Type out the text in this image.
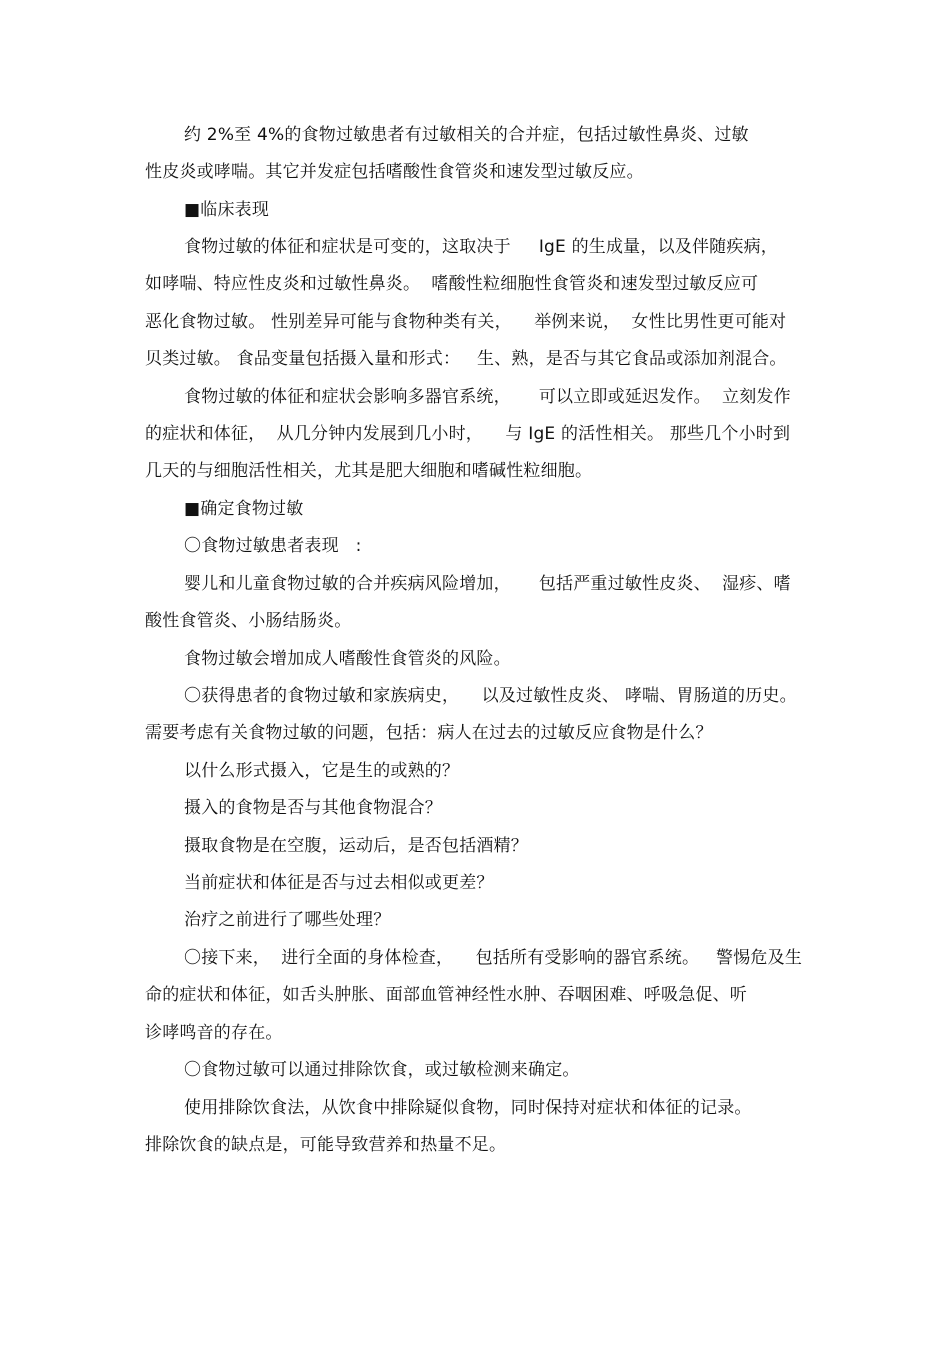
约 2%至 4%的食物过敏患者有过敏相关的合并症，包括过敏性鼻炎、过敏
性皮炎或哮喘。其它并发症包括嗜酸性食管炎和速发型过敏反应。
■临床表现
食物过敏的体征和症状是可变的，这取决于     IgE 的生成量，以及伴随疾病，
如哮喘、特应性皮炎和过敏性鼻炎。  嗜酸性粒细胞性食管炎和速发型过敏反应可
恶化食物过敏。 性别差异可能与食物种类有关，    举例来说，  女性比男性更可能对
贝类过敏。 食品变量包括摄入量和形式：   生、熟，是否与其它食品或添加剂混合。
食物过敏的体征和症状会影响多器官系统，     可以立即或延迟发作。  立刻发作
的症状和体征，  从几分钟内发展到几小时，    与 IgE 的活性相关。 那些几个小时到
几天的与细胞活性相关，尤其是肥大细胞和嗜碱性粒细胞。
■确定食物过敏
〇食物过敏患者表现   :
婴儿和儿童食物过敏的合并疾病风险增加，     包括严重过敏性皮炎、  湿疹、嗜
酸性食管炎、小肠结肠炎。
食物过敏会增加成人嗜酸性食管炎的风险。
〇获得患者的食物过敏和家族病史，    以及过敏性皮炎、 哮喘、胃肠道的历史。
需要考虑有关食物过敏的问题，包括：病人在过去的过敏反应食物是什么？
以什么形式摄入，它是生的或熟的？
摄入的食物是否与其他食物混合？
摄取食物是在空腹，运动后，是否包括酒精？
当前症状和体征是否与过去相似或更差？
治疗之前进行了哪些处理？
〇接下来，  进行全面的身体检查，    包括所有受影响的器官系统。   警惕危及生
命的症状和体征，如舌头肿胀、面部血管神经性水肿、吞咽困难、呼吸急促、听
诊哮鸣音的存在。
〇食物过敏可以通过排除饮食，或过敏检测来确定。
使用排除饮食法，从饮食中排除疑似食物，同时保持对症状和体征的记录。
排除饮食的缺点是，可能导致营养和热量不足。
